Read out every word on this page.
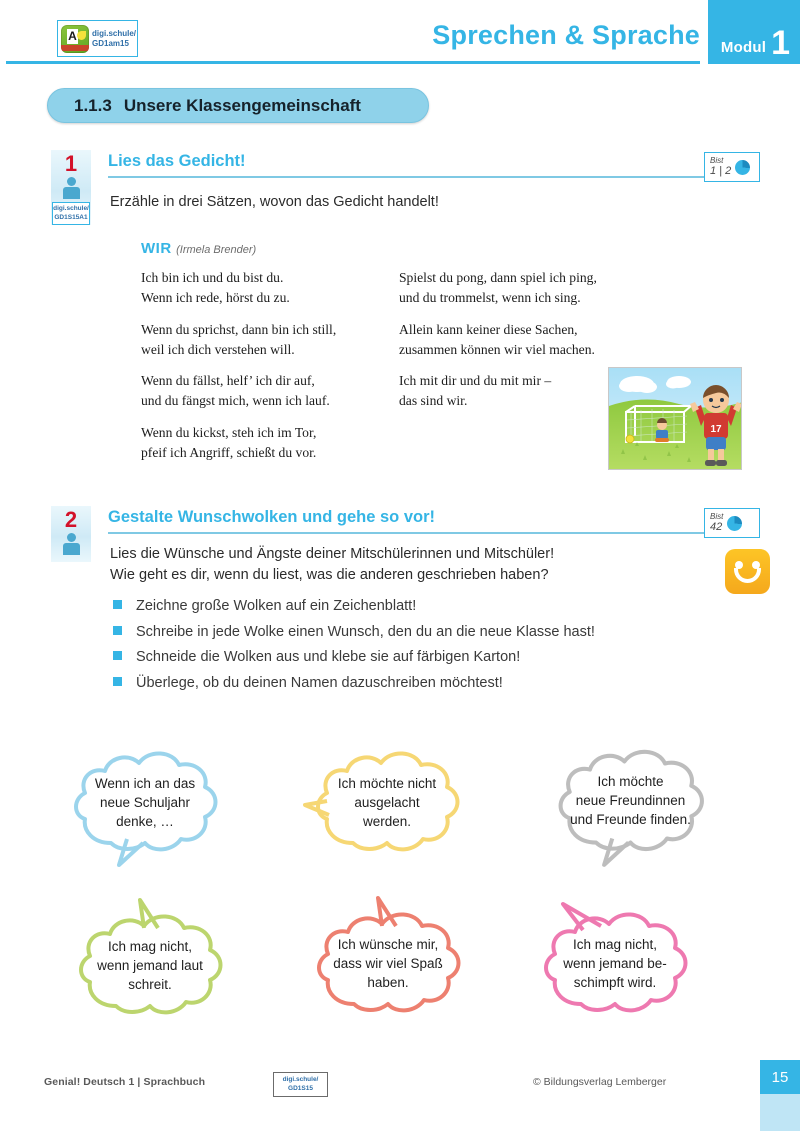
A digi.schule/
GD1am15	Sprechen & Sprache Modul 1
1.1.3 Unsere Klassengemeinschaft
1
digi.schule/
GD1S15A1
Lies das Gedicht!	Bist
1 | 2
Erzähle in drei Sätzen, wovon das Gedicht handelt!
WIR (Irmela Brender)

Ich bin ich und du bist du.
Wenn ich rede, hörst du zu.

Wenn du sprichst, dann bin ich still,
weil ich dich verstehen will.

Wenn du fällst, helf’ ich dir auf,
und du fängst mich, wenn ich lauf.

Wenn du kickst, steh ich im Tor,
pfeif ich Angriff, schießt du vor.

Spielst du pong, dann spiel ich ping,
und du trommelst, wenn ich sing.

Allein kann keiner diese Sachen,
zusammen können wir viel machen.

Ich mit dir und du mit mir –
das sind wir.

17
2	Gestalte Wunschwolken und gehe so vor!	Bist
42
Lies die Wünsche und Ängste deiner Mitschülerinnen und Mitschüler!
Wie geht es dir, wenn du liest, was die anderen geschrieben haben?
Zeichne große Wolken auf ein Zeichenblatt!
Schreibe in jede Wolke einen Wunsch, den du an die neue Klasse hast!
Schneide die Wolken aus und klebe sie auf färbigen Karton!
Überlege, ob du deinen Namen dazuschreiben möchtest!
Wenn ich an das
neue Schuljahr
denke, …
Ich möchte nicht
ausgelacht
werden.
Ich möchte
neue Freundinnen
und Freunde finden.
Ich mag nicht,
wenn jemand laut
schreit.
Ich wünsche mir,
dass wir viel Spaß
haben.
Ich mag nicht,
wenn jemand be-
schimpft wird.
Genial! Deutsch 1 | Sprachbuch	digi.schule/
GD1S15	© Bildungsverlag Lemberger	15
